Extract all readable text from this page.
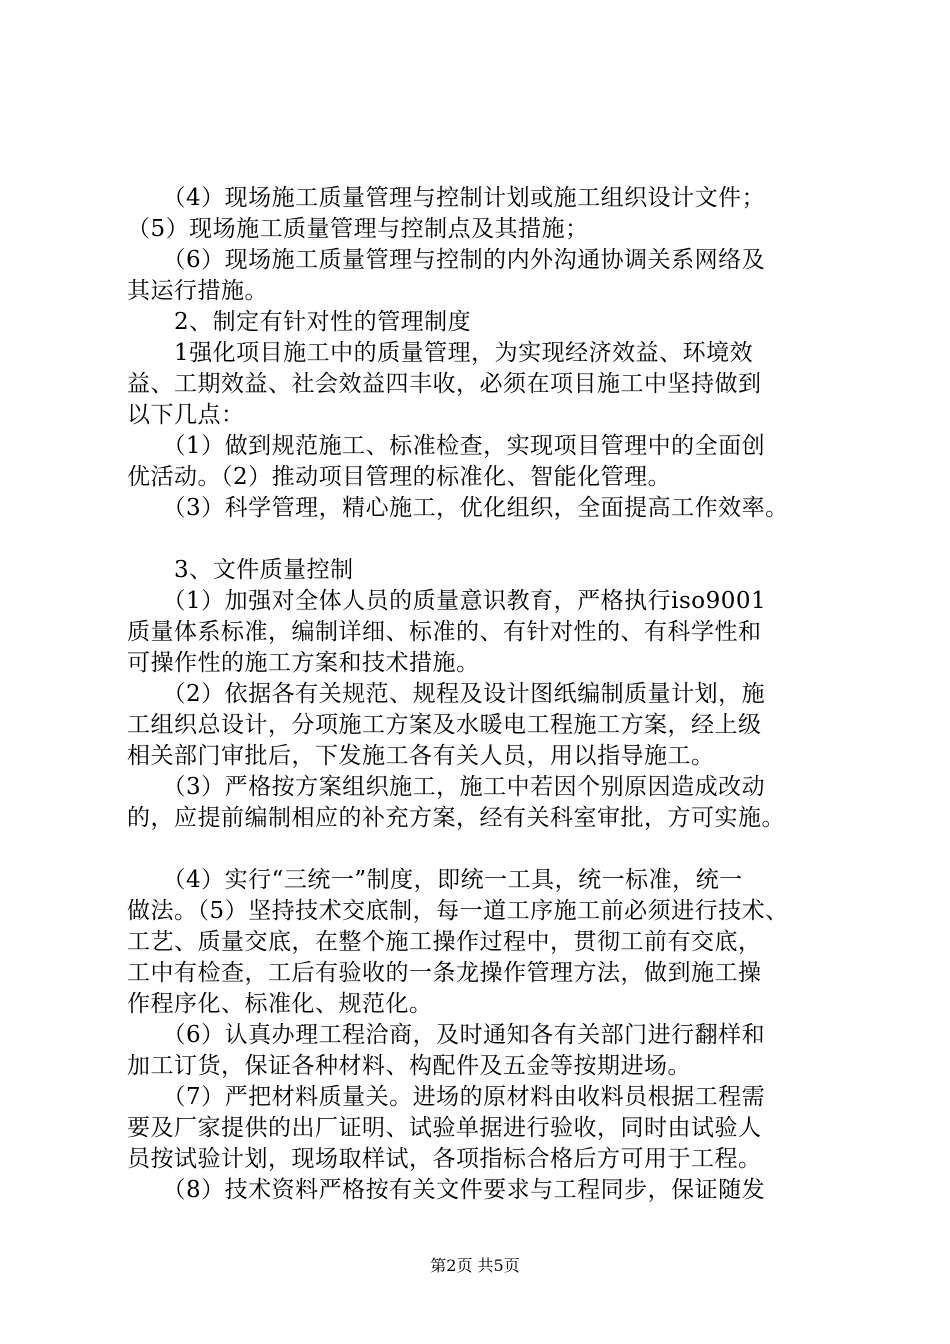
　　（4）现场施工质量管理与控制计划或施工组织设计文件；
（5）现场施工质量管理与控制点及其措施；
　　（6）现场施工质量管理与控制的内外沟通协调关系网络及
其运行措施。
　　2、制定有针对性的管理制度
　　1强化项目施工中的质量管理，为实现经济效益、环境效
益、工期效益、社会效益四丰收，必须在项目施工中坚持做到
以下几点：
　　（1）做到规范施工、标准检查，实现项目管理中的全面创
优活动。（2）推动项目管理的标准化、智能化管理。
　　（3）科学管理，精心施工，优化组织，全面提高工作效率。
　　3、文件质量控制
　　（1）加强对全体人员的质量意识教育，严格执行iso9001
质量体系标准，编制详细、标准的、有针对性的、有科学性和
可操作性的施工方案和技术措施。
　　（2）依据各有关规范、规程及设计图纸编制质量计划，施
工组织总设计，分项施工方案及水暖电工程施工方案，经上级
相关部门审批后，下发施工各有关人员，用以指导施工。
　　（3）严格按方案组织施工，施工中若因个别原因造成改动
的，应提前编制相应的补充方案，经有关科室审批，方可实施。
　　（4）实行“三统一”制度，即统一工具，统一标准，统一
做法。（5）坚持技术交底制，每一道工序施工前必须进行技术、
工艺、质量交底，在整个施工操作过程中，贯彻工前有交底，
工中有检查，工后有验收的一条龙操作管理方法，做到施工操
作程序化、标准化、规范化。
　　（6）认真办理工程洽商，及时通知各有关部门进行翻样和
加工订货，保证各种材料、构配件及五金等按期进场。
　　（7）严把材料质量关。进场的原材料由收料员根据工程需
要及厂家提供的出厂证明、试验单据进行验收，同时由试验人
员按试验计划，现场取样试，各项指标合格后方可用于工程。
　　（8）技术资料严格按有关文件要求与工程同步，保证随发
第2页 共5页
